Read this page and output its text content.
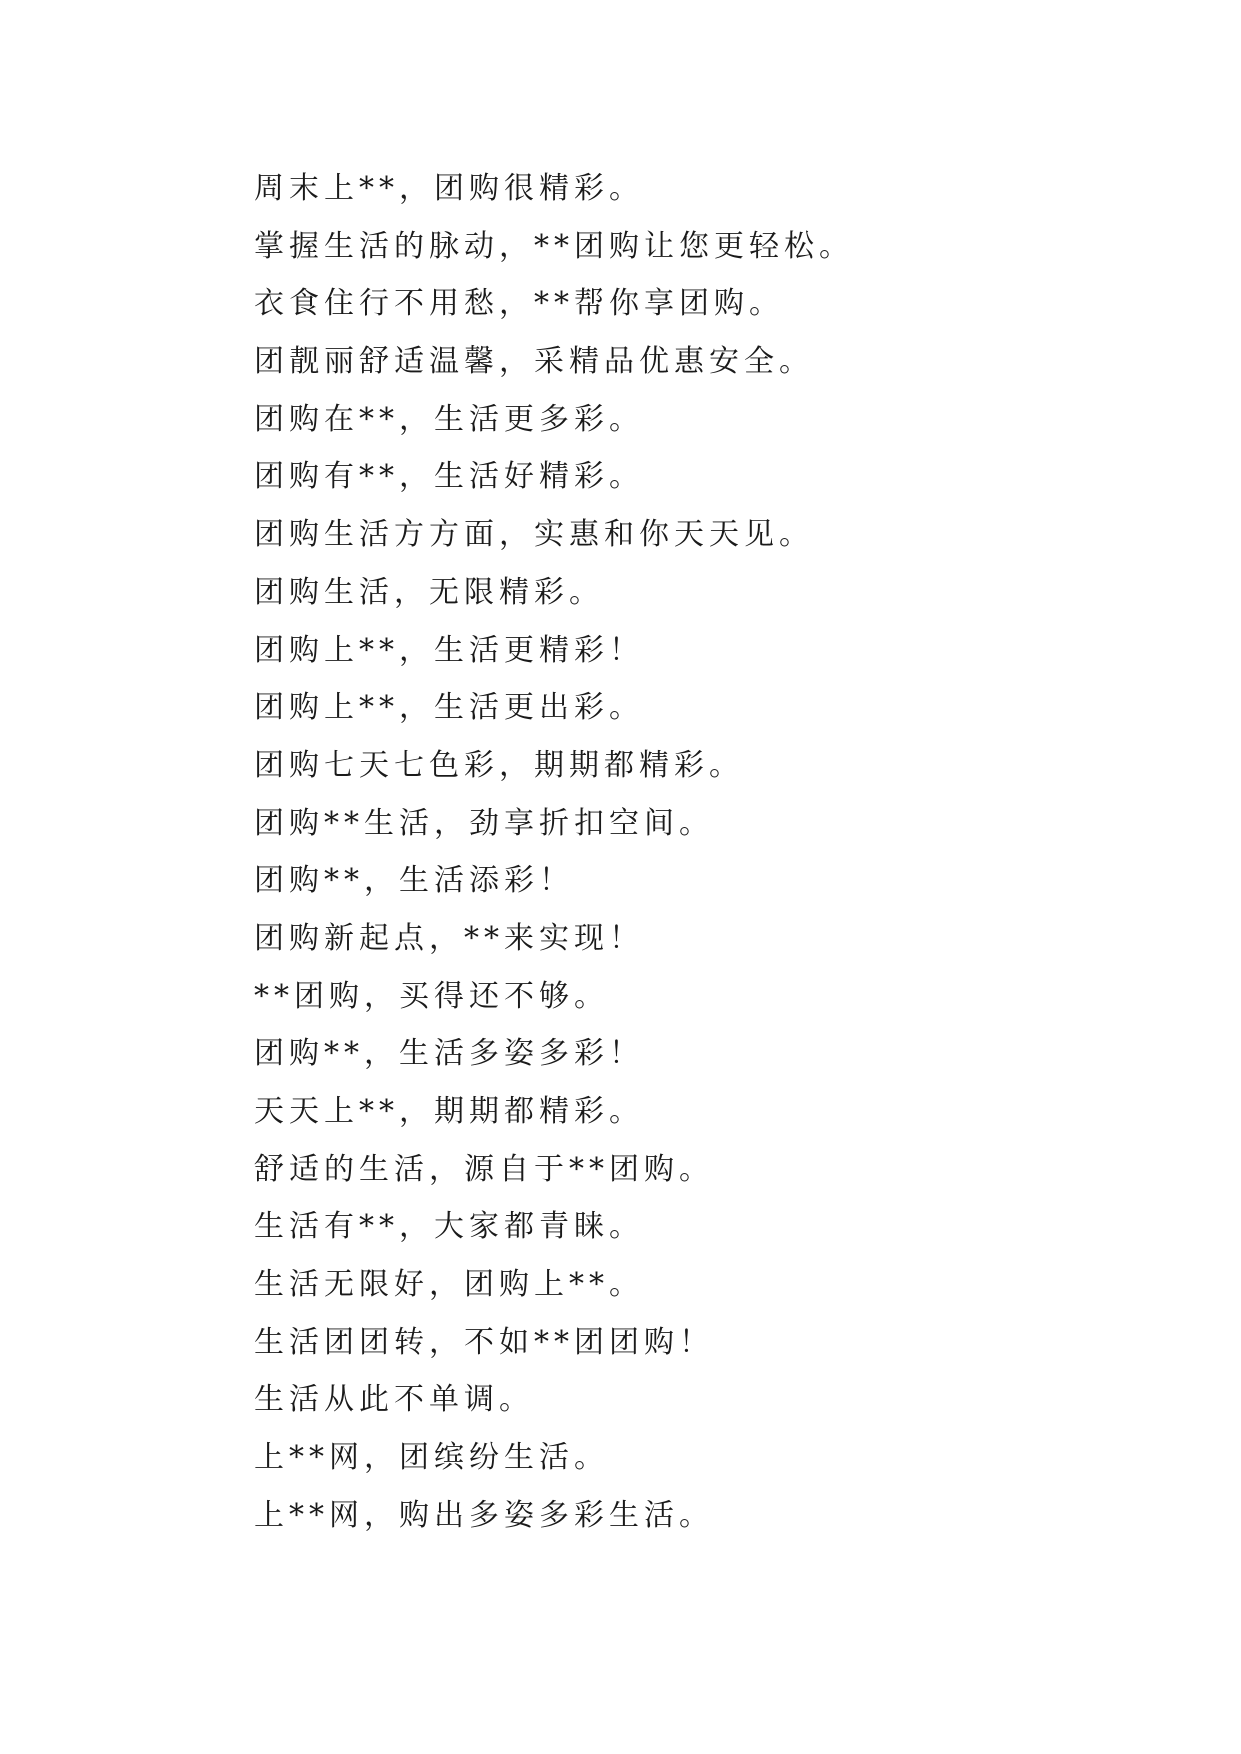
周末上**，团购很精彩。
掌握生活的脉动，**团购让您更轻松。
衣食住行不用愁，**帮你享团购。
团靓丽舒适温馨，采精品优惠安全。
团购在**，生活更多彩。
团购有**，生活好精彩。
团购生活方方面，实惠和你天天见。
团购生活，无限精彩。
团购上**，生活更精彩！
团购上**，生活更出彩。
团购七天七色彩，期期都精彩。
团购**生活，劲享折扣空间。
团购**，生活添彩！
团购新起点，**来实现！
**团购，买得还不够。
团购**，生活多姿多彩！
天天上**，期期都精彩。
舒适的生活，源自于**团购。
生活有**，大家都青睐。
生活无限好，团购上**。
生活团团转，不如**团团购！
生活从此不单调。
上**网，团缤纷生活。
上**网，购出多姿多彩生活。
